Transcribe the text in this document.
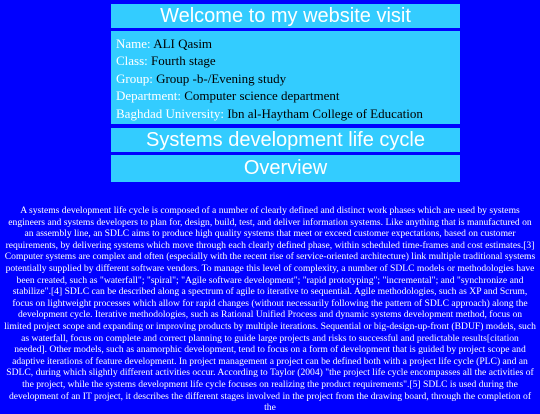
Welcome to my website visit
Name: ALI Qasim
Class: Fourth stage
Group: Group -b-/Evening study
Department: Computer science department
Baghdad University: Ibn al-Haytham College of Education
Systems development life cycle
Overview

A systems development life cycle is composed of a number of clearly defined and distinct work phases which are used by systems engineers and systems developers to plan for, design, build, test, and deliver information systems. Like anything that is manufactured on an assembly line, an SDLC aims to produce high quality systems that meet or exceed customer expectations, based on customer requirements, by delivering systems which move through each clearly defined phase, within scheduled time-frames and cost estimates.[3] Computer systems are complex and often (especially with the recent rise of service-oriented architecture) link multiple traditional systems potentially supplied by different software vendors. To manage this level of complexity, a number of SDLC models or methodologies have been created, such as "waterfall"; "spiral"; "Agile software development"; "rapid prototyping"; "incremental"; and "synchronize and stabilize".[4] SDLC can be described along a spectrum of agile to iterative to sequential. Agile methodologies, such as XP and Scrum, focus on lightweight processes which allow for rapid changes (without necessarily following the pattern of SDLC approach) along the development cycle. Iterative methodologies, such as Rational Unified Process and dynamic systems development method, focus on limited project scope and expanding or improving products by multiple iterations. Sequential or big-design-up-front (BDUF) models, such as waterfall, focus on complete and correct planning to guide large projects and risks to successful and predictable results[citation needed]. Other models, such as anamorphic development, tend to focus on a form of development that is guided by project scope and adaptive iterations of feature development. In project management a project can be defined both with a project life cycle (PLC) and an SDLC, during which slightly different activities occur. According to Taylor (2004) "the project life cycle encompasses all the activities of the project, while the systems development life cycle focuses on realizing the product requirements".[5] SDLC is used during the development of an IT project, it describes the different stages involved in the project from the drawing board, through the completion of the
